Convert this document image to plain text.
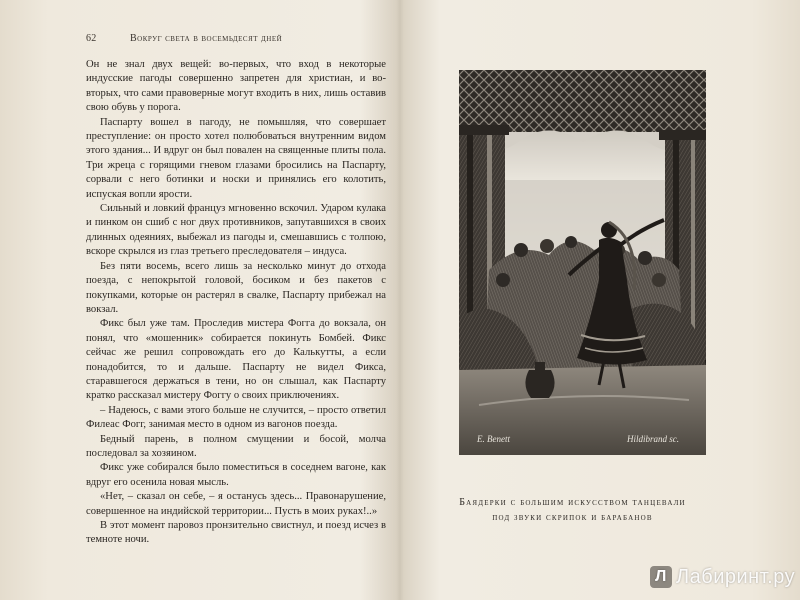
62	Вокруг света в восемьдесят дней

Он не знал двух вещей: во-первых, что вход в некоторые индусские пагоды совершенно запретен для христиан, и во-вторых, что сами правоверные могут входить в них, лишь оставив свою обувь у порога.

Паспарту вошел в пагоду, не помышляя, что совершает преступление: он просто хотел полюбоваться внутренним видом этого здания... И вдруг он был повален на священные плиты пола. Три жреца с горящими гневом глазами бросились на Паспарту, сорвали с него ботинки и носки и принялись его колотить, испуская вопли ярости.

Сильный и ловкий француз мгновенно вскочил. Ударом кулака и пинком он сшиб с ног двух противников, запутавшихся в своих длинных одеяниях, выбежал из пагоды и, смешавшись с толпою, вскоре скрылся из глаз третьего преследователя – индуса.

Без пяти восемь, всего лишь за несколько минут до отхода поезда, с непокрытой головой, босиком и без пакетов с покупками, которые он растерял в свалке, Паспарту прибежал на вокзал.

Фикс был уже там. Проследив мистера Фогга до вокзала, он понял, что «мошенник» собирается покинуть Бомбей. Фикс сейчас же решил сопровождать его до Калькутты, а если понадобится, то и дальше. Паспарту не видел Фикса, старавшегося держаться в тени, но он слышал, как Паспарту кратко рассказал мистеру Фоггу о своих приключениях.

– Надеюсь, с вами этого больше не случится, – просто ответил Филеас Фогг, занимая место в одном из вагонов поезда.

Бедный парень, в полном смущении и босой, молча последовал за хозяином.

Фикс уже собирался было поместиться в соседнем вагоне, как вдруг его осенила новая мысль.

«Нет, – сказал он себе, – я останусь здесь... Правонарушение, совершенное на индийской территории... Пусть в моих руках!..»

В этот момент паровоз пронзительно свистнул, и поезд исчез в темноте ночи.

E. Benett	Hildibrand sc.
Баядерки с большим искусством танцевали
под звуки скрипок и барабанов
Л Лабиринт.ру
